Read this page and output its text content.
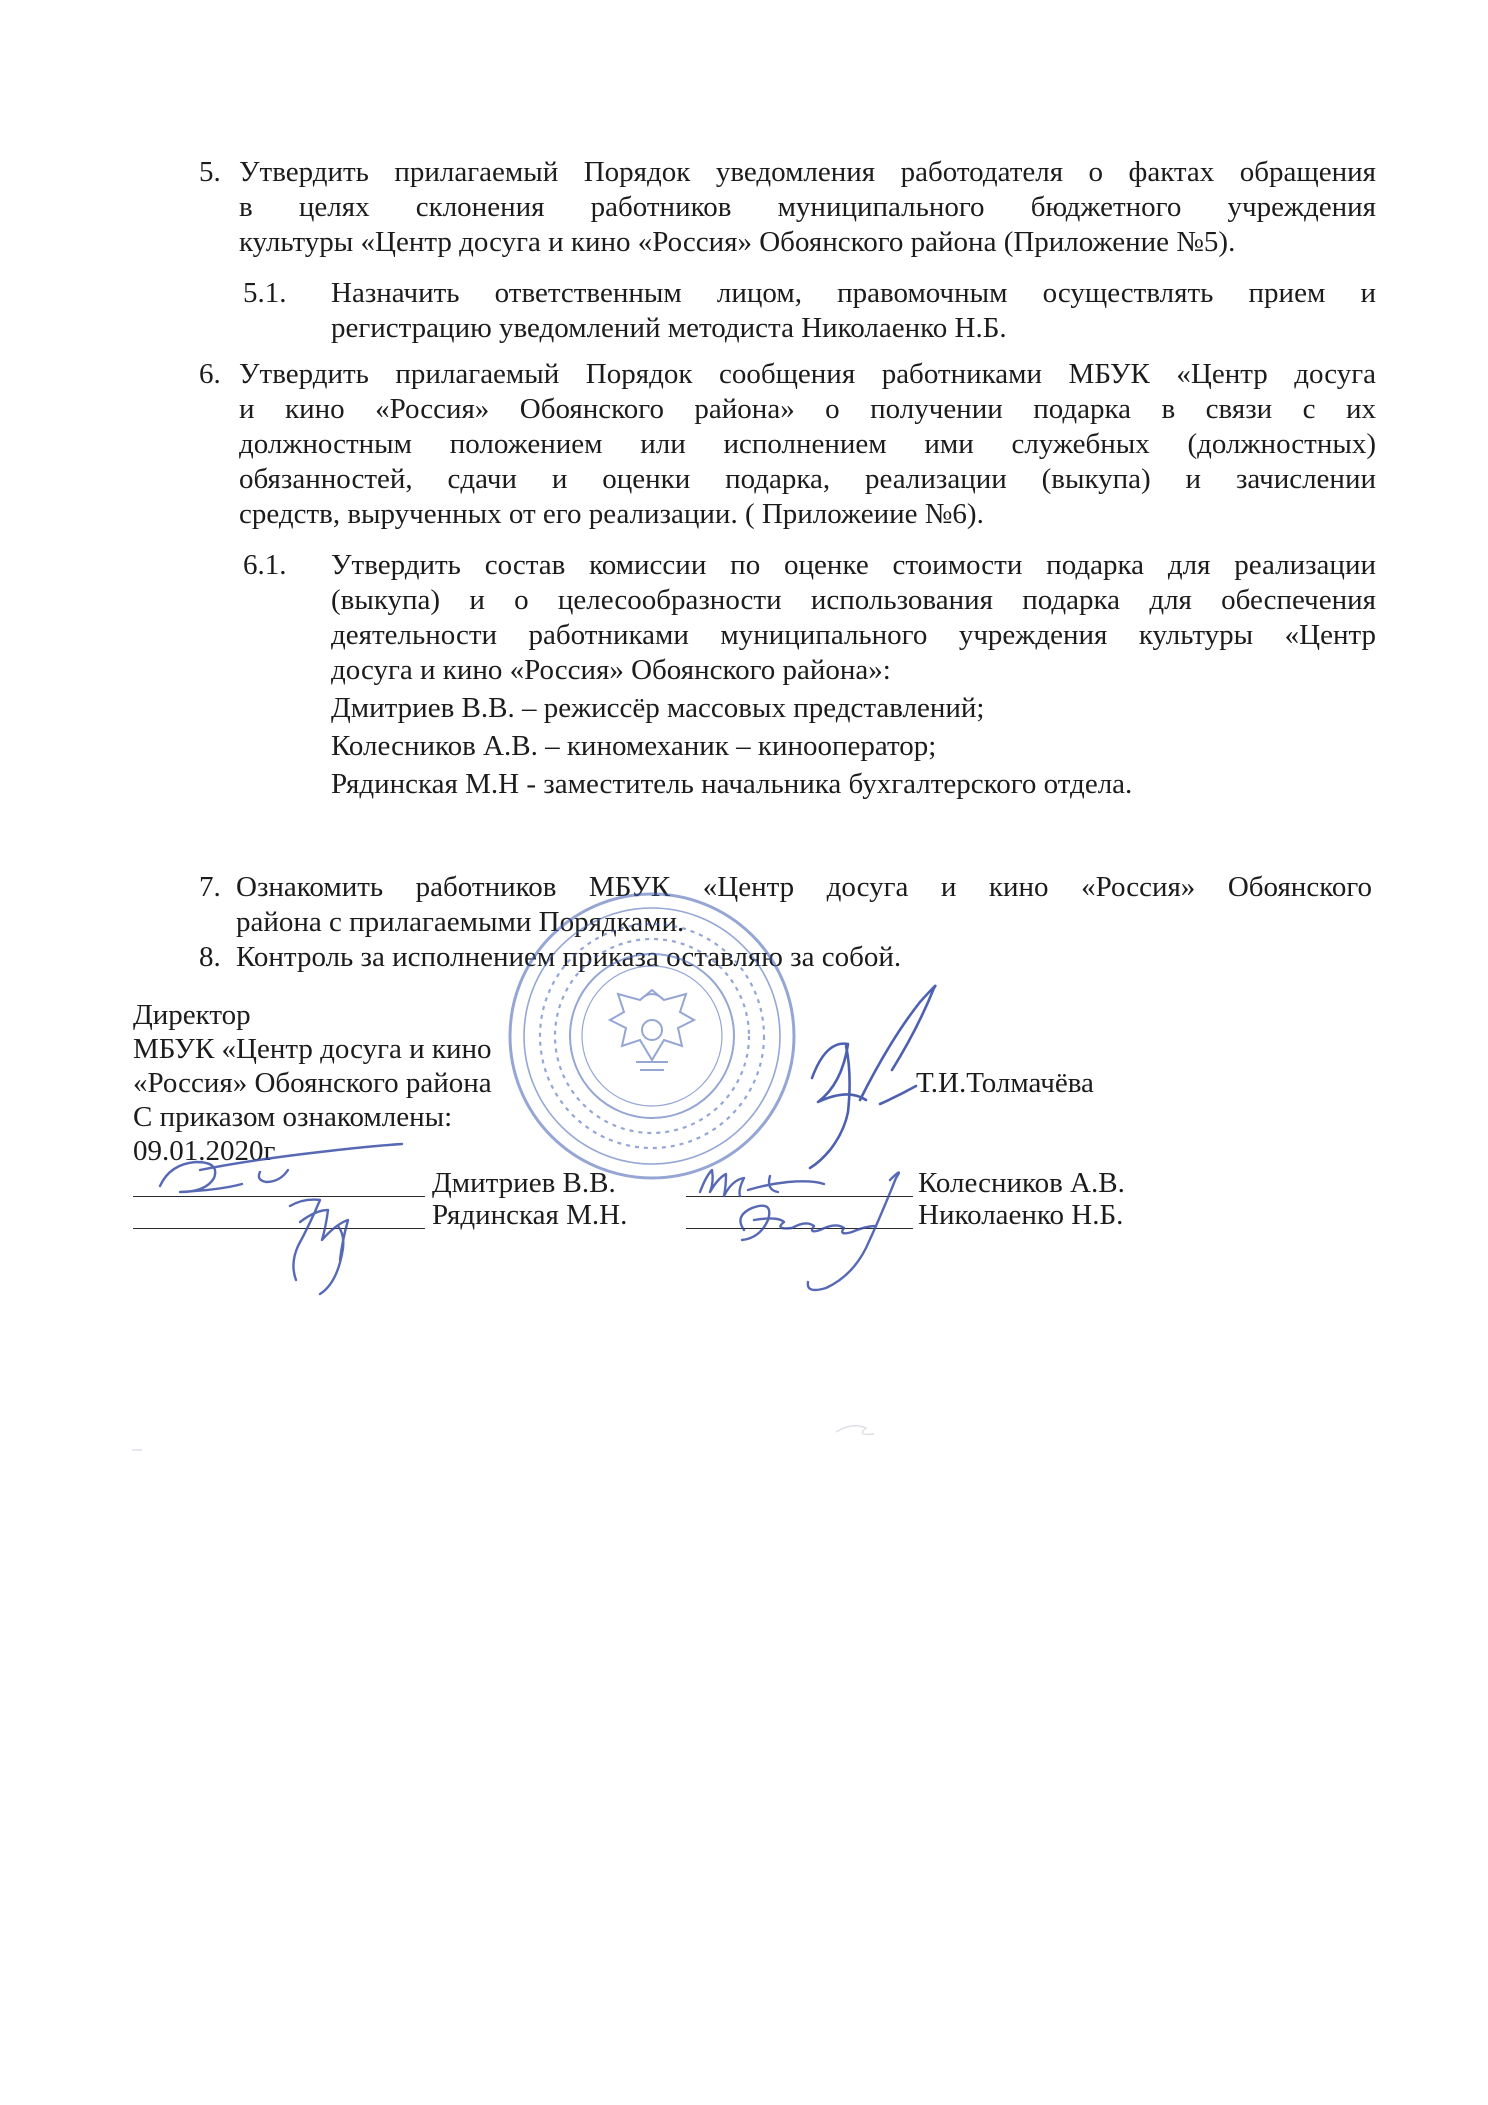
5. Утвердить прилагаемый Порядок уведомления работодателя о фактах обращения
в целях склонения работников муниципального бюджетного учреждения
культуры «Центр досуга и кино «Россия» Обоянского района (Приложение №5).
5.1. Назначить ответственным лицом, правомочным осуществлять прием и
регистрацию уведомлений методиста Николаенко Н.Б.
6. Утвердить прилагаемый Порядок сообщения работниками МБУК «Центр досуга
и кино «Россия» Обоянского района» о получении подарка в связи с их
должностным положением или исполнением ими служебных (должностных)
обязанностей, сдачи и оценки подарка, реализации (выкупа) и зачислении
средств, вырученных от его реализации. ( Приложеиие №6).
6.1. Утвердить состав комиссии по оценке стоимости подарка для реализации
(выкупа) и о целесообразности использования подарка для обеспечения
деятельности работниками муниципального учреждения культуры «Центр
досуга и кино «Россия» Обоянского района»:
Дмитриев В.В. – режиссёр массовых представлений;
Колесников А.В. – киномеханик – кинооператор;
Рядинская М.Н - заместитель начальника бухгалтерского отдела.
7. Ознакомить работников МБУК «Центр досуга и кино «Россия» Обоянского
района с прилагаемыми Порядками.
8. Контроль за исполнением приказа оставляю за собой.
Директор
МБУК «Центр досуга и кино
«Россия» Обоянского района
С приказом ознакомлены:
09.01.2020г
Т.И.Толмачёва
Дмитриев В.В.	Колесников А.В.
Рядинская М.Н.	Николаенко Н.Б.
